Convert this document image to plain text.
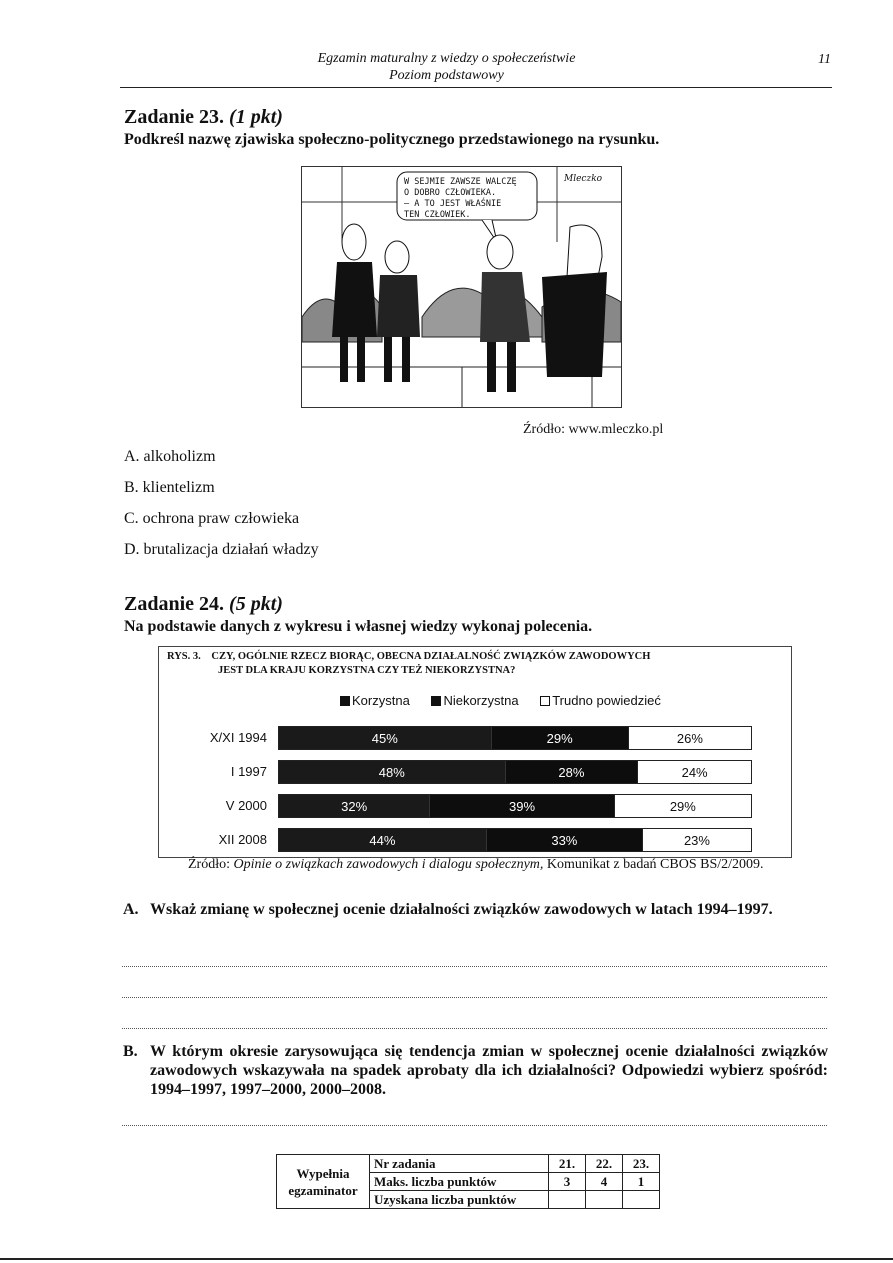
Egzamin maturalny z wiedzy o społeczeństwie
Poziom podstawowy
11
Zadanie 23. (1 pkt)
Podkreśl nazwę zjawiska społeczno-politycznego przedstawionego na rysunku.
W SEJMIE ZAWSZE WALCZĘ
O DOBRO CZŁOWIEKA.
– A TO JEST WŁAŚNIE
TEN CZŁOWIEK.
Mleczko
Źródło: www.mleczko.pl
A. alkoholizm
B. klientelizm
C. ochrona praw człowieka
D. brutalizacja działań władzy
Zadanie 24. (5 pkt)
Na podstawie danych z wykresu i własnej wiedzy wykonaj polecenia.
RYS. 3. CZY, OGÓLNIE RZECZ BIORĄC, OBECNA DZIAŁALNOŚĆ ZWIĄZKÓW ZAWODOWYCH
JEST DLA KRAJU KORZYSTNA CZY TEŻ NIEKORZYSTNA?
Korzystna	Niekorzystna	Trudno powiedzieć
X/XI 1994	45%	29%	26%
I 1997	48%	28%	24%
V 2000	32%	39%	29%
XII 2008	44%	33%	23%
Źródło: Opinie o związkach zawodowych i dialogu społecznym, Komunikat z badań CBOS BS/2/2009.
A. Wskaż zmianę w społecznej ocenie działalności związków zawodowych w latach 1994–1997.
B. W którym okresie zarysowująca się tendencja zmian w społecznej ocenie działalności związków zawodowych wskazywała na spadek aprobaty dla ich działalności? Odpowiedzi wybierz spośród: 1994–1997, 1997–2000, 2000–2008.
Wypełnia egzaminator	Nr zadania	21.	22.	23.
	Maks. liczba punktów	3	4	1
	Uzyskana liczba punktów			
